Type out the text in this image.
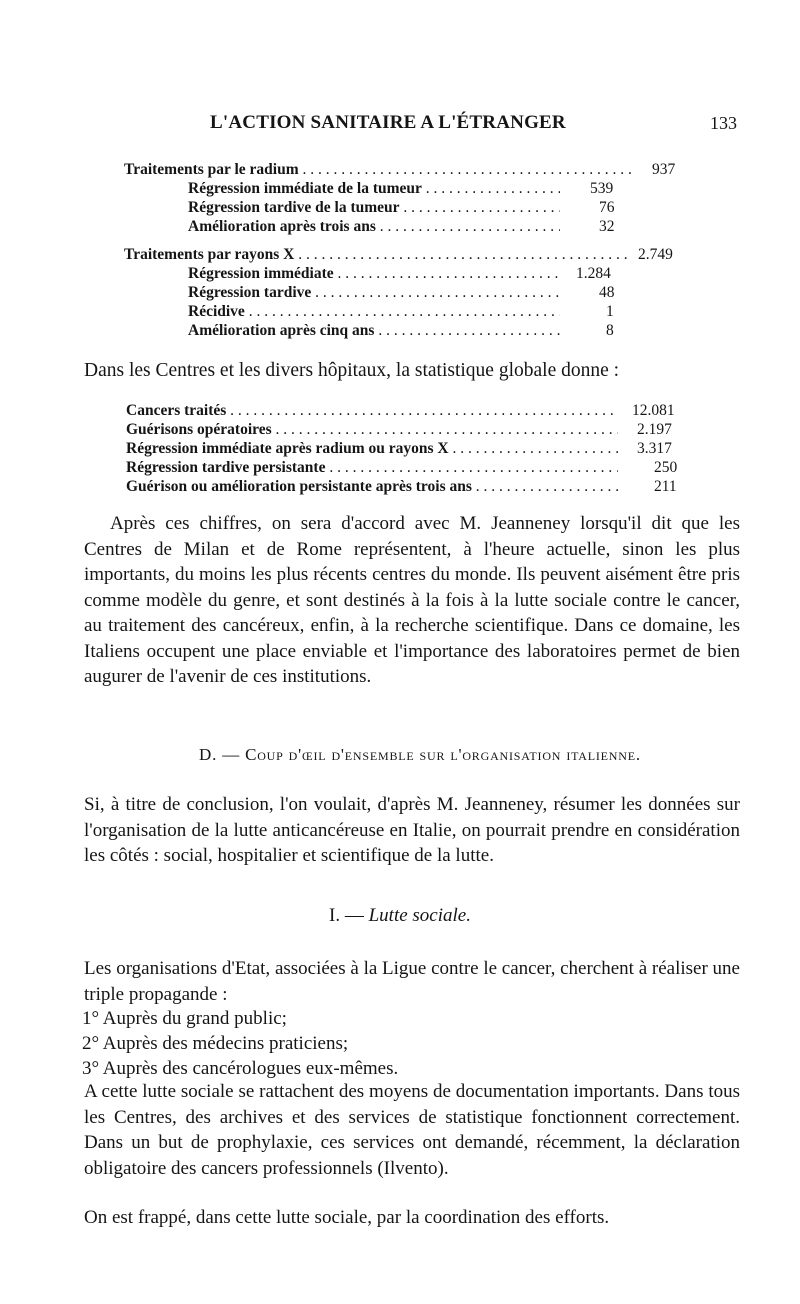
L'ACTION SANITAIRE A L'ÉTRANGER	133
Traitements par le radium . . .	937
Régression immédiate de la tumeur . . .	539
Régression tardive de la tumeur . . .	76
Amélioration après trois ans . . .	32
Traitements par rayons X . . .	2.749
Régression immédiate . . .	1.284
Régression tardive . . .	48
Récidive . . .	1
Amélioration après cinq ans . . .	8

Dans les Centres et les divers hôpitaux, la statistique globale donne :

Cancers traités . . .	12.081
Guérisons opératoires . . .	2.197
Régression immédiate après radium ou rayons X . . .	3.317
Régression tardive persistante . . .	250
Guérison ou amélioration persistante après trois ans . . .	211

Après ces chiffres, on sera d'accord avec M. Jeanneney lorsqu'il dit que les Centres de Milan et de Rome représentent, à l'heure actuelle, sinon les plus importants, du moins les plus récents centres du monde. Ils peuvent aisément être pris comme modèle du genre, et sont destinés à la fois à la lutte sociale contre le cancer, au traitement des cancéreux, enfin, à la recherche scientifique. Dans ce domaine, les Italiens occupent une place enviable et l'importance des laboratoires permet de bien augurer de l'avenir de ces institutions.

D. — Coup d'œil d'ensemble sur l'organisation italienne.

Si, à titre de conclusion, l'on voulait, d'après M. Jeanneney, résumer les données sur l'organisation de la lutte anticancéreuse en Italie, on pourrait prendre en considération les côtés : social, hospitalier et scientifique de la lutte.

I. — Lutte sociale.

Les organisations d'Etat, associées à la Ligue contre le cancer, cherchent à réaliser une triple propagande :

1° Auprès du grand public;
2° Auprès des médecins praticiens;
3° Auprès des cancérologues eux-mêmes.

A cette lutte sociale se rattachent des moyens de documentation importants. Dans tous les Centres, des archives et des services de statistique fonctionnent correctement. Dans un but de prophylaxie, ces services ont demandé, récemment, la déclaration obligatoire des cancers professionnels (Ilvento).

On est frappé, dans cette lutte sociale, par la coordination des efforts.
